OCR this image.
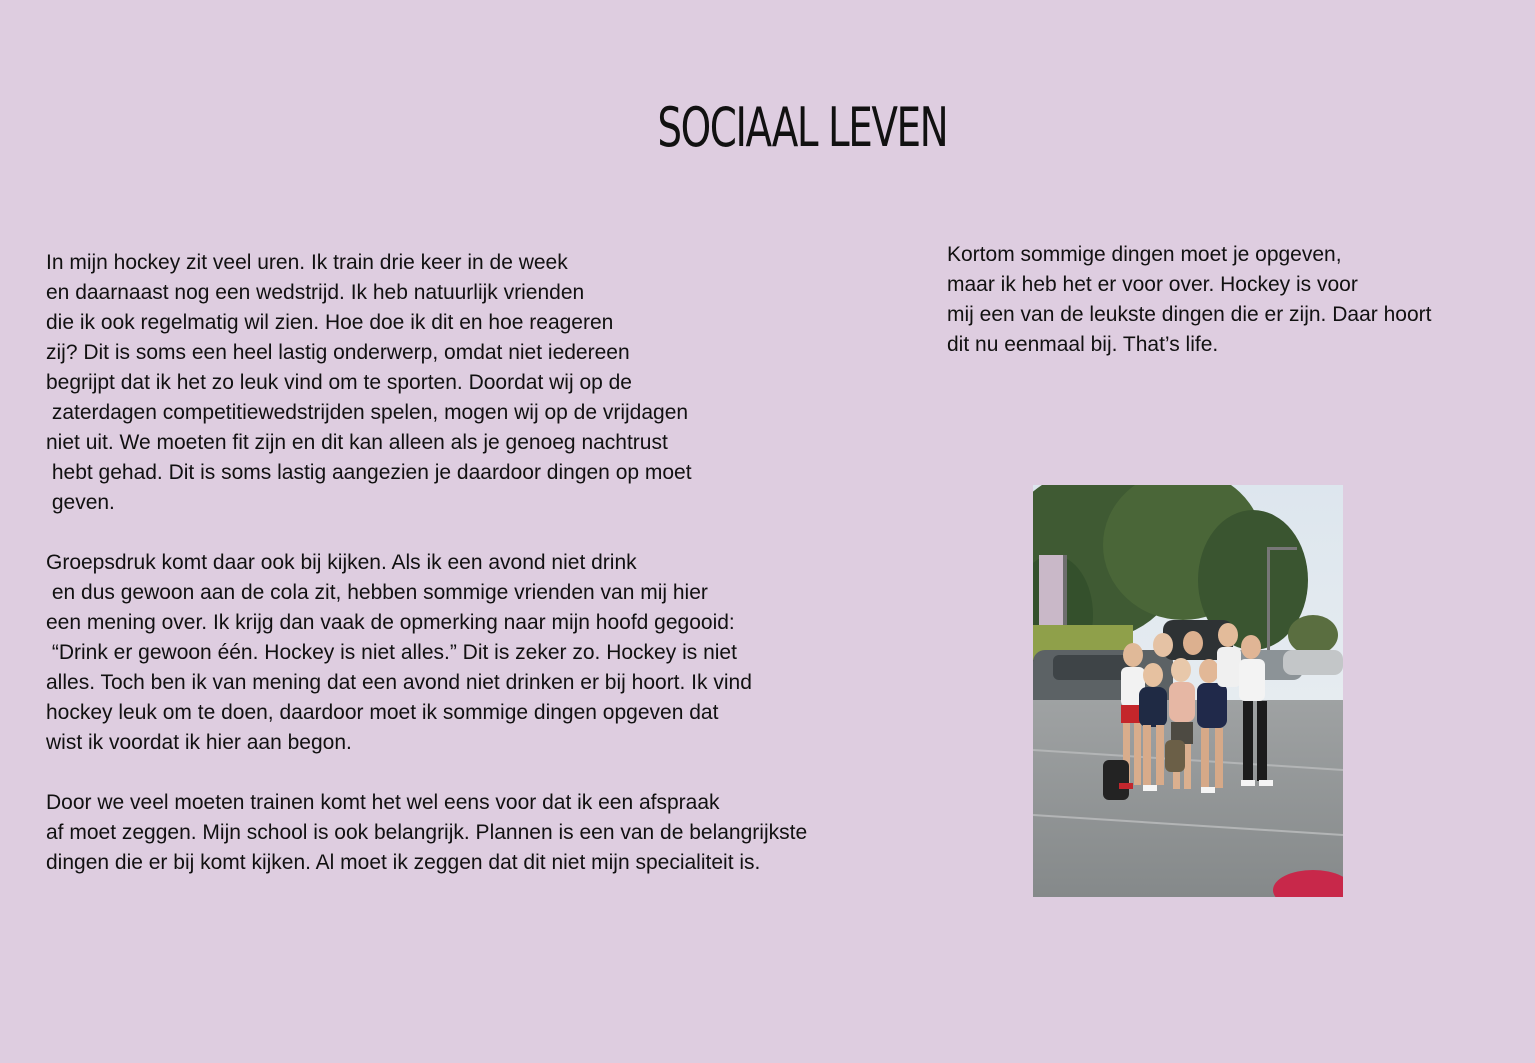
SOCIAAL LEVEN
In mijn hockey zit veel uren. Ik train drie keer in de week
en daarnaast nog een wedstrijd. Ik heb natuurlijk vrienden
die ik ook regelmatig wil zien. Hoe doe ik dit en hoe reageren
zij? Dit is soms een heel lastig onderwerp, omdat niet iedereen
begrijpt dat ik het zo leuk vind om te sporten. Doordat wij op de
zaterdagen competitiewedstrijden spelen, mogen wij op de vrijdagen
niet uit. We moeten fit zijn en dit kan alleen als je genoeg nachtrust
hebt gehad. Dit is soms lastig aangezien je daardoor dingen op moet
geven.
Groepsdruk komt daar ook bij kijken. Als ik een avond niet drink
en dus gewoon aan de cola zit, hebben sommige vrienden van mij hier
een mening over. Ik krijg dan vaak de opmerking naar mijn hoofd gegooid:
“Drink er gewoon één. Hockey is niet alles.” Dit is zeker zo. Hockey is niet
alles. Toch ben ik van mening dat een avond niet drinken er bij hoort. Ik vind
hockey leuk om te doen, daardoor moet ik sommige dingen opgeven dat
wist ik voordat ik hier aan begon.
Door we veel moeten trainen komt het wel eens voor dat ik een afspraak
af moet zeggen. Mijn school is ook belangrijk. Plannen is een van de belangrijkste
dingen die er bij komt kijken. Al moet ik zeggen dat dit niet mijn specialiteit is.
Kortom sommige dingen moet je opgeven,
maar ik heb het er voor over. Hockey is voor
mij een van de leukste dingen die er zijn. Daar hoort
dit nu eenmaal bij. That’s life.
